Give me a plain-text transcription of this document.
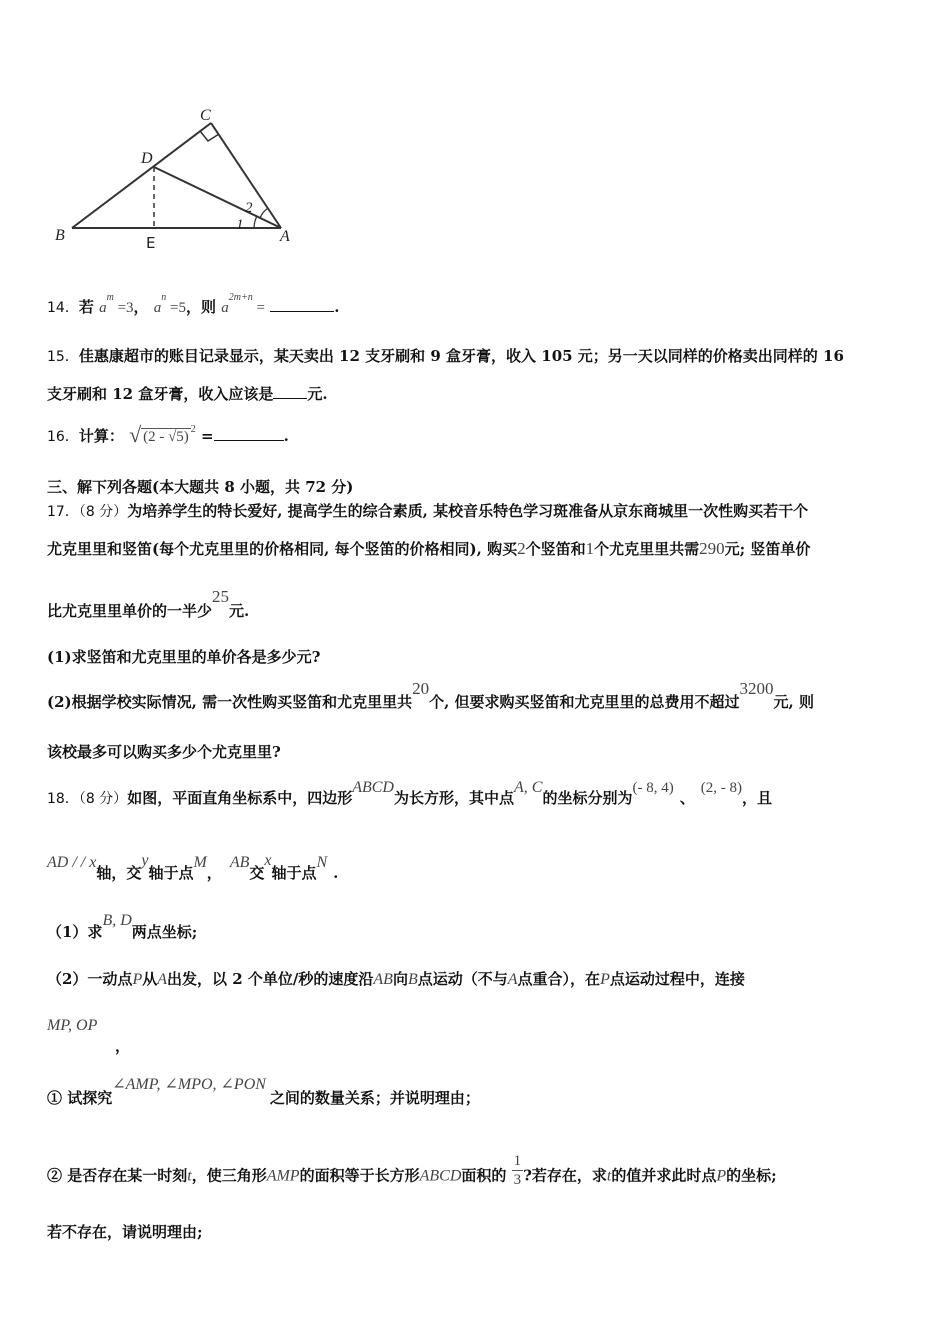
C
D
B	A
2
1
E
14．若 $a^m =3$， $a^n =5$，则 $a^{2m+n}$ =	.
15．佳惠康超市的账目记录显示，某天卖出 12 支牙刷和 9 盒牙膏，收入 105 元；另一天以同样的价格卖出同样的 16
支牙刷和 12 盒牙膏，收入应该是 元.
16．计算： √ (2 - √5) $^2$ =	.
三、解下列各题(本大题共 8 小题，共 72 分)
17．（8 分）为培养学生的特长爱好, 提高学生的综合素质, 某校音乐特色学习斑准备从京东商城里一次性购买若干个
尤克里里和竖笛(每个尤克里里的价格相同, 每个竖笛的价格相同), 购买2个竖笛和1个尤克里里共需290元; 竖笛单价
比尤克里里单价的一半少25元.
(1)求竖笛和尤克里里的单价各是多少元?
(2)根据学校实际情况, 需一次性购买竖笛和尤克里里共20个, 但要求购买竖笛和尤克里里的总费用不超过3200元, 则
该校最多可以购买多少个尤克里里?
18．（8 分）如图，平面直角坐标系中，四边形ABCD为长方形，其中点A, C的坐标分别为(- 8, 4)、(2, - 8)，且
AD / / x轴，交y轴于点M，AB交x轴于点N.
（1）求B, D两点坐标;
（2）一动点P从A出发，以 2 个单位/秒的速度沿AB向B点运动（不与A点重合），在P点运动过程中，连接
MP, OP
，
① 试探究∠AMP, ∠MPO, ∠PON之间的数量关系；并说明理由；
② 是否存在某一时刻t，使三角形AMP的面积等于长方形ABCD面积的 $\frac{1}{3}$ ?若存在，求t的值并求此时点P的坐标;
若不存在，请说明理由;
